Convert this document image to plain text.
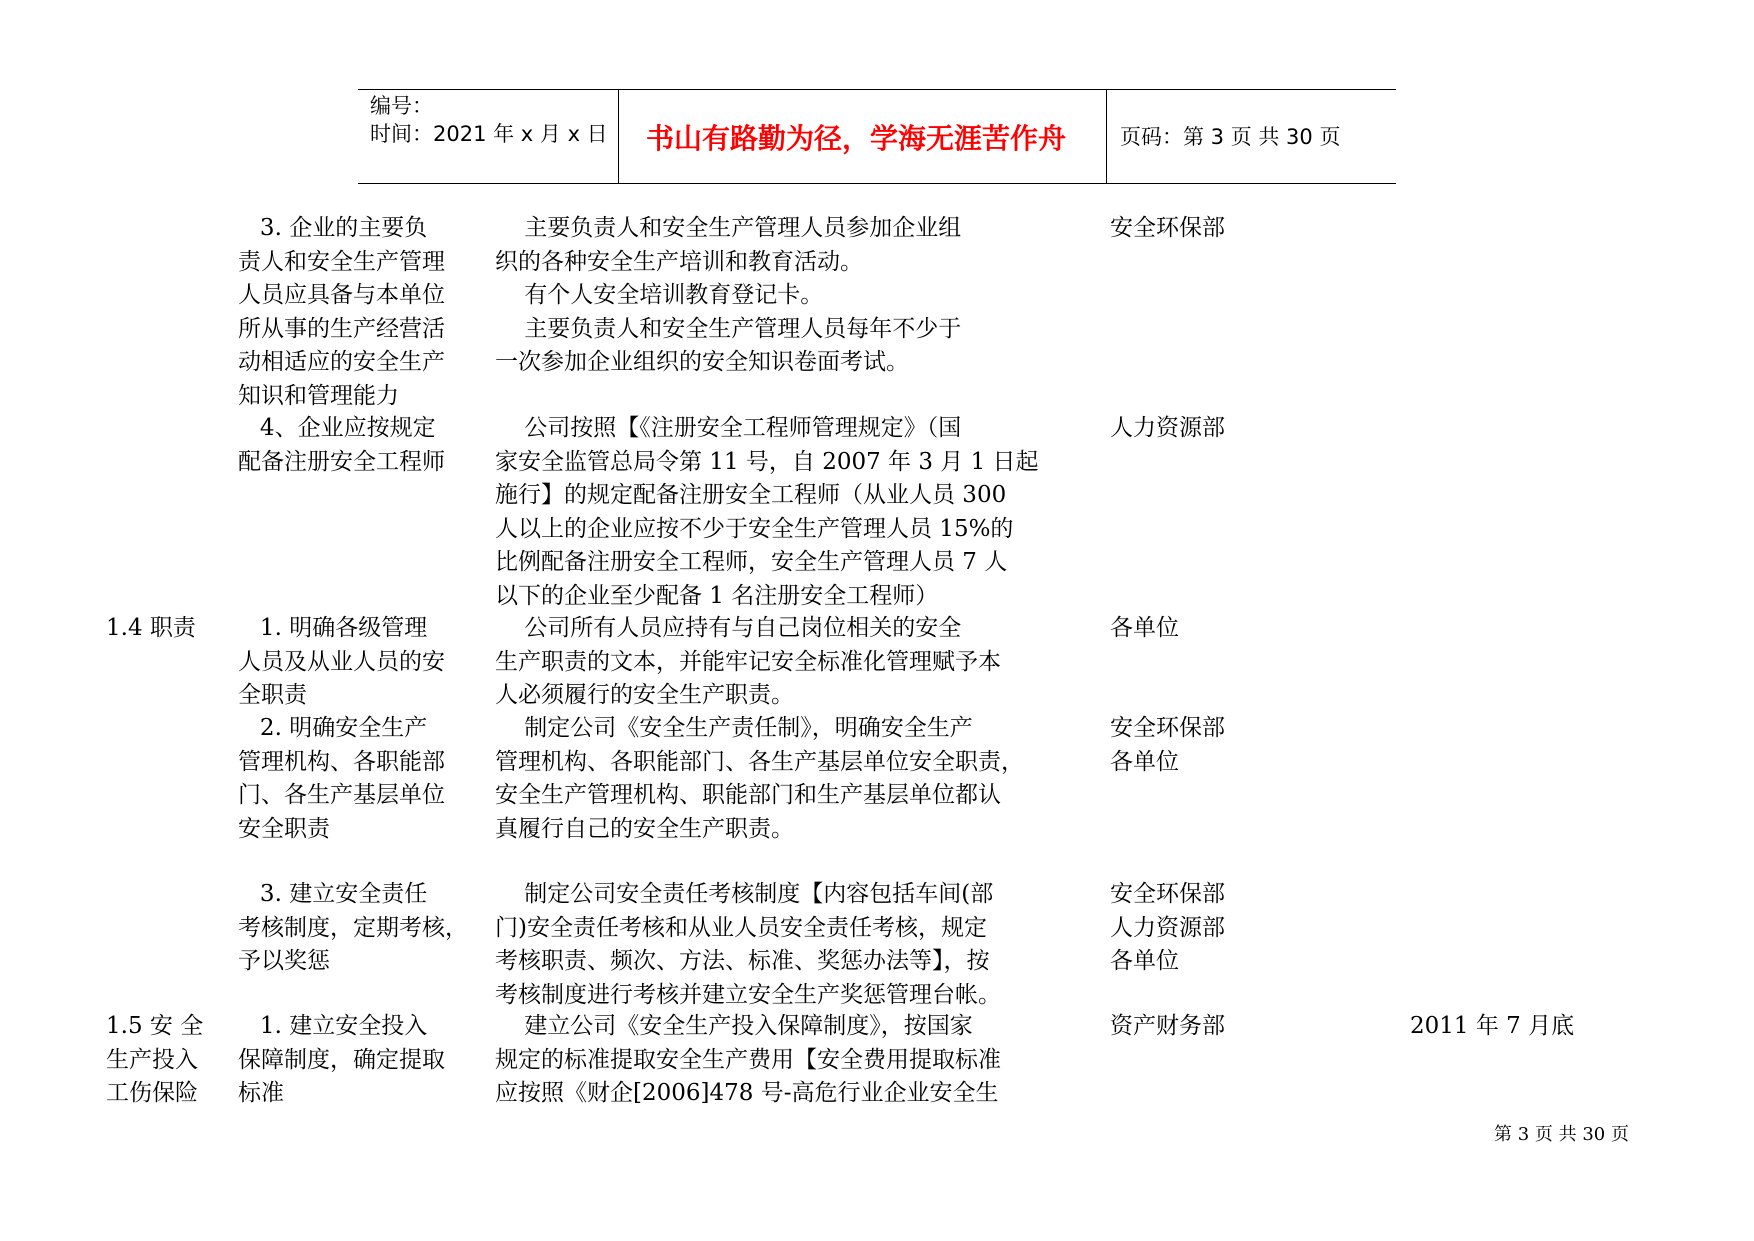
编号：
时间：2021 年 x 月 x 日 书山有路勤为径，学海无涯苦作舟	页码：第 3 页 共 30 页
3. 企业的主要负
责人和安全生产管理
人员应具备与本单位
所从事的生产经营活
动相适应的安全生产
知识和管理能力
主要负责人和安全生产管理人员参加企业组
织的各种安全生产培训和教育活动。
有个人安全培训教育登记卡。
主要负责人和安全生产管理人员每年不少于
一次参加企业组织的安全知识卷面考试。
安全环保部
4、企业应按规定
配备注册安全工程师
公司按照【《注册安全工程师管理规定》（国
家安全监管总局令第 11 号，自 2007 年 3 月 1 日起
施行】的规定配备注册安全工程师（从业人员 300
人以上的企业应按不少于安全生产管理人员 15%的
比例配备注册安全工程师，安全生产管理人员 7 人
以下的企业至少配备 1 名注册安全工程师）
人力资源部
1.4 职责 1. 明确各级管理
人员及从业人员的安
全职责
公司所有人员应持有与自己岗位相关的安全
生产职责的文本，并能牢记安全标准化管理赋予本
人必须履行的安全生产职责。
各单位
2. 明确安全生产
管理机构、各职能部
门、各生产基层单位
安全职责
制定公司《安全生产责任制》，明确安全生产
管理机构、各职能部门、各生产基层单位安全职责，
安全生产管理机构、职能部门和生产基层单位都认
真履行自己的安全生产职责。
安全环保部
各单位
3. 建立安全责任
考核制度，定期考核，
予以奖惩
制定公司安全责任考核制度【内容包括车间(部
门)安全责任考核和从业人员安全责任考核，规定
考核职责、频次、方法、标准、奖惩办法等】，按
考核制度进行考核并建立安全生产奖惩管理台帐。
安全环保部
人力资源部
各单位
1.5 安 全
生产投入
工伤保险
1. 建立安全投入
保障制度，确定提取
标准
建立公司《安全生产投入保障制度》，按国家
规定的标准提取安全生产费用【安全费用提取标准
应按照《财企[2006]478 号-高危行业企业安全生
资产财务部	2011 年 7 月底
第 3 页 共 30 页
